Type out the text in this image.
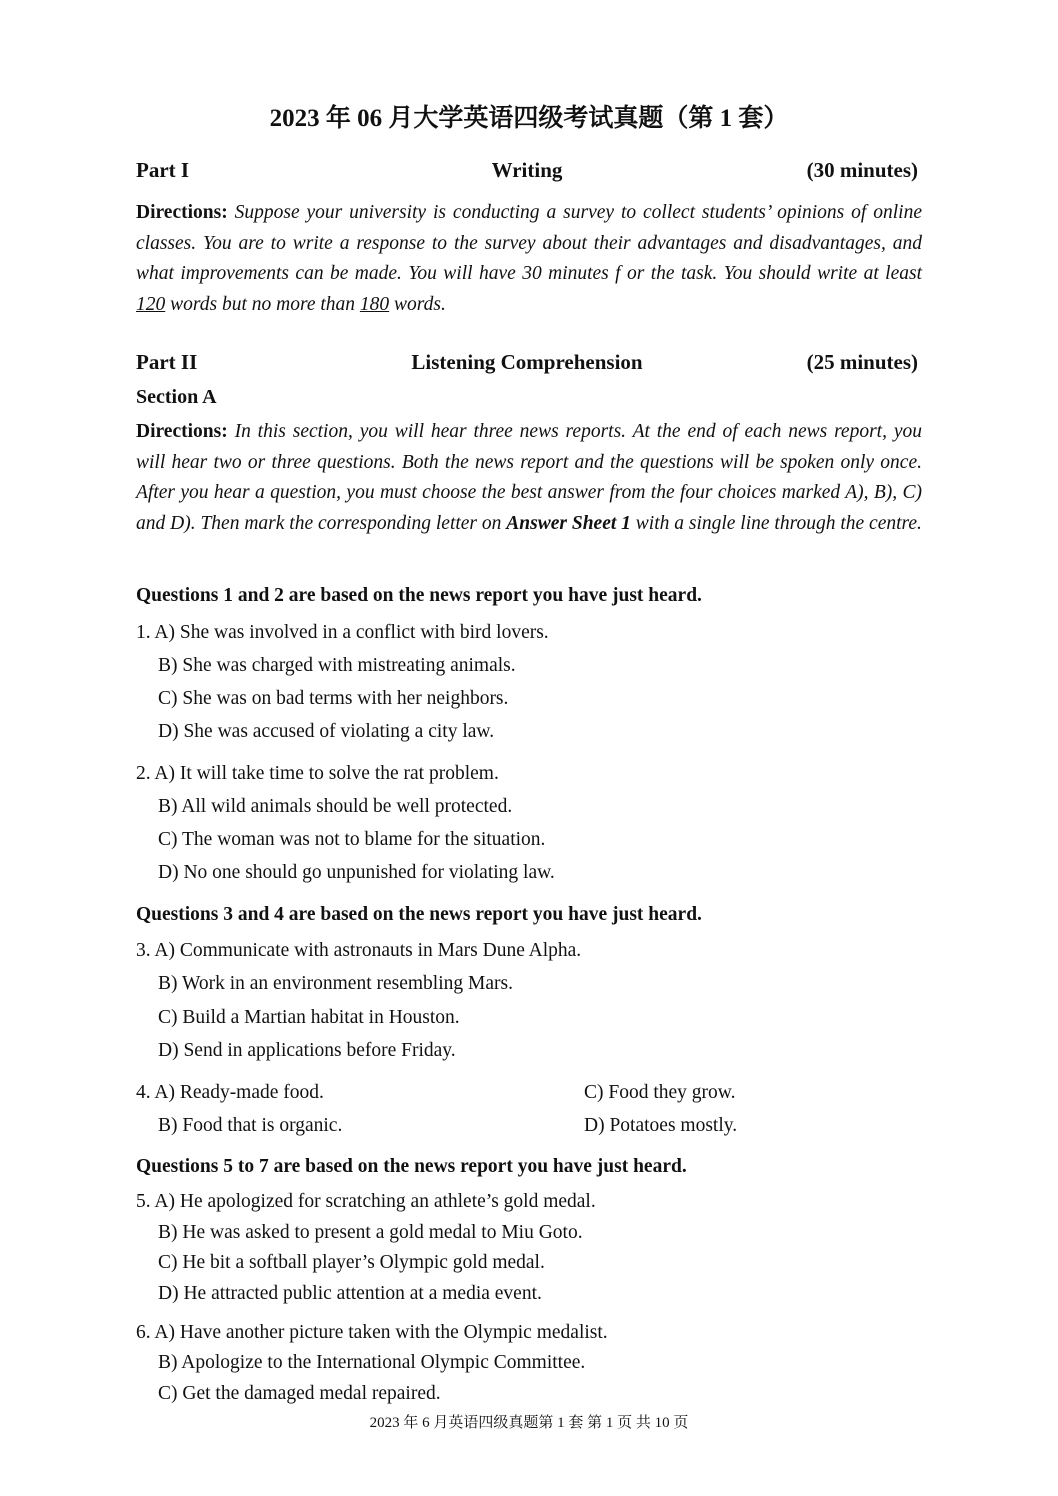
2023 年 06 月大学英语四级考试真题（第 1 套）
Part I	Writing	(30 minutes)
Directions: Suppose your university is conducting a survey to collect students’ opinions of online classes. You are to write a response to the survey about their advantages and disadvantages, and what improvements can be made. You will have 30 minutes f or the task. You should write at least 120 words but no more than 180 words.
Part II	Listening Comprehension	(25 minutes)
Section A
Directions: In this section, you will hear three news reports. At the end of each news report, you will hear two or three questions. Both the news report and the questions will be spoken only once. After you hear a question, you must choose the best answer from the four choices marked A), B), C) and D). Then mark the corresponding letter on Answer Sheet 1 with a single line through the centre.
Questions 1 and 2 are based on the news report you have just heard.
1. A) She was involved in a conflict with bird lovers.
B) She was charged with mistreating animals.
C) She was on bad terms with her neighbors.
D) She was accused of violating a city law.
2. A) It will take time to solve the rat problem.
B) All wild animals should be well protected.
C) The woman was not to blame for the situation.
D) No one should go unpunished for violating law.
Questions 3 and 4 are based on the news report you have just heard.
3. A) Communicate with astronauts in Mars Dune Alpha.
B) Work in an environment resembling Mars.
C) Build a Martian habitat in Houston.
D) Send in applications before Friday.
4. A) Ready-made food.	C) Food they grow.
B) Food that is organic.	D) Potatoes mostly.
Questions 5 to 7 are based on the news report you have just heard.
5. A) He apologized for scratching an athlete’s gold medal.
B) He was asked to present a gold medal to Miu Goto.
C) He bit a softball player’s Olympic gold medal.
D) He attracted public attention at a media event.
6. A) Have another picture taken with the Olympic medalist.
B) Apologize to the International Olympic Committee.
C) Get the damaged medal repaired.
2023 年 6 月英语四级真题第 1 套 第 1 页 共 10 页
